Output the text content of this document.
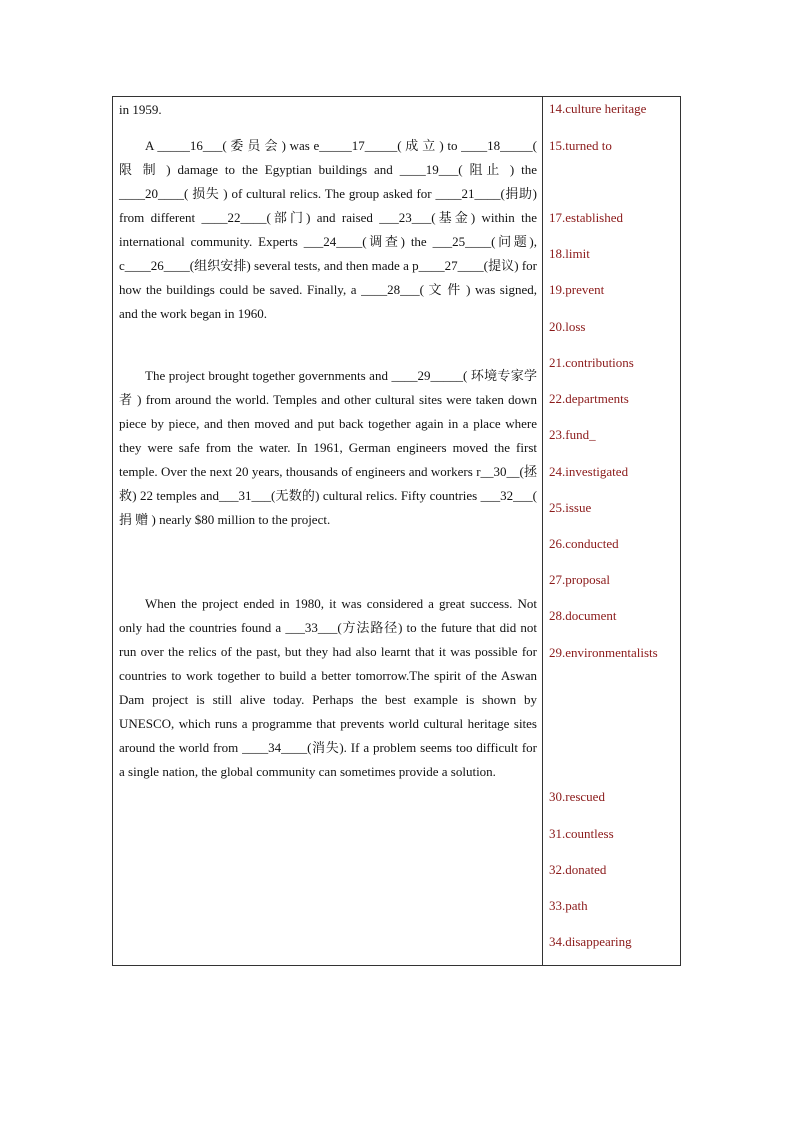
in 1959.

A _____16___( 委 员 会 ) was e_____17_____( 成 立 ) to ____18_____( 限 制 ) damage to the Egyptian buildings and ____19___( 阻止 ) the ____20____( 损失 ) of cultural relics. The group asked for ____21____(捐助) from different ____22____(部门) and raised ___23___(基金) within the international community. Experts ___24____(调查) the ___25____(问题), c____26____(组织安排) several tests, and then made a p____27____(提议) for how the buildings could be saved. Finally, a ____28___( 文 件 ) was signed, and the work began in 1960.

The project brought together governments and ____29_____( 环境专家学者 ) from around the world. Temples and other cultural sites were taken down piece by piece, and then moved and put back together again in a place where they were safe from the water. In 1961, German engineers moved the first temple. Over the next 20 years, thousands of engineers and workers r__30__(拯救) 22 temples and___31___(无数的) cultural relics. Fifty countries ___32___( 捐 赠 ) nearly $80 million to the project.

When the project ended in 1980, it was considered a great success. Not only had the countries found a ___33___(方法路径) to the future that did not run over the relics of the past, but they had also learnt that it was possible for countries to work together to build a better tomorrow.The spirit of the Aswan Dam project is still alive today. Perhaps the best example is shown by UNESCO, which runs a programme that prevents world cultural heritage sites around the world from ____34____(消失). If a problem seems too difficult for a single nation, the global community can sometimes provide a solution.

14.culture heritage
15.turned to
17.established
18.limit
19.prevent
20.loss
21.contributions
22.departments
23.fund_
24.investigated
25.issue
26.conducted
27.proposal
28.document
29.environmentalists
30.rescued
31.countless
32.donated
33.path
34.disappearing
